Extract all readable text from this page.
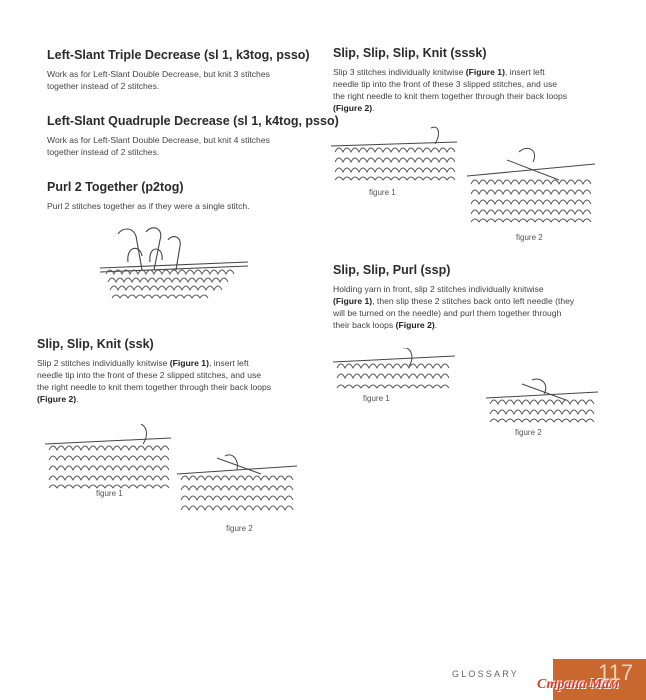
Left-Slant Triple Decrease (sl 1, k3tog, psso)

Work as for Left-Slant Double Decrease, but knit 3 stitches
together instead of 2 stitches.

Left-Slant Quadruple Decrease (sl 1, k4tog, psso)

Work as for Left-Slant Double Decrease, but knit 4 stitches
together instead of 2 stitches.

Purl 2 Together (p2tog)

Purl 2 stitches together as if they were a single stitch.

Slip, Slip, Knit (ssk)

Slip 2 stitches individually knitwise (Figure 1), insert left
needle tip into the front of these 2 slipped stitches, and use
the right needle to knit them together through their back loops
(Figure 2).

figure 1
figure 2
Slip, Slip, Slip, Knit (sssk)

Slip 3 stitches individually knitwise (Figure 1), insert left
needle tip into the front of these 3 slipped stitches, and use
the right needle to knit them together through their back loops
(Figure 2).

figure 1
figure 2
Slip, Slip, Purl (ssp)

Holding yarn in front, slip 2 stitches individually knitwise
(Figure 1), then slip these 2 stitches back onto left needle (they
will be turned on the needle) and purl them together through
their back loops (Figure 2).

figure 1
figure 2
GLOSSARY	117
Страна Мам
